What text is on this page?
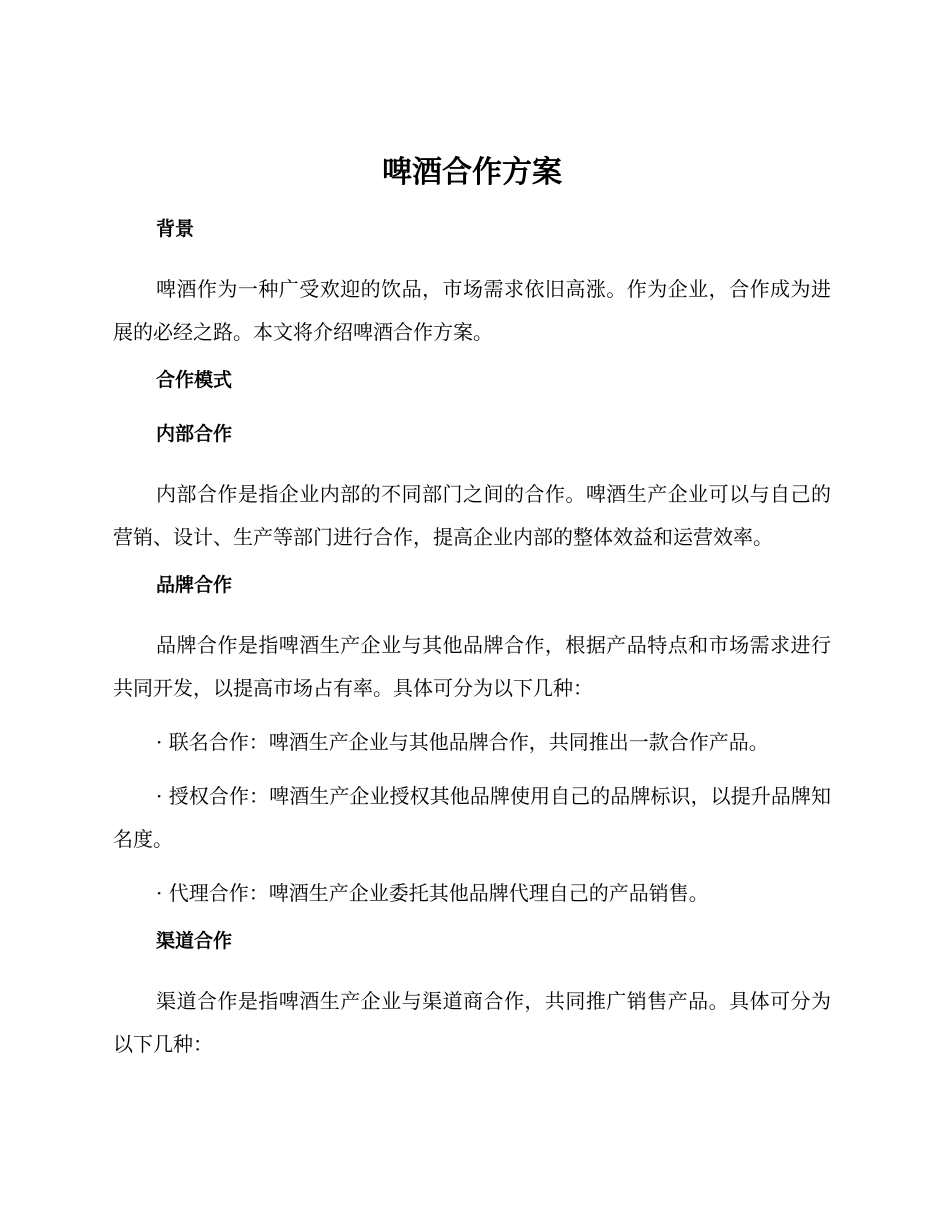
啤酒合作方案
背景

啤酒作为一种广受欢迎的饮品，市场需求依旧高涨。作为企业，合作成为进展的必经之路。本文将介绍啤酒合作方案。

合作模式
内部合作

内部合作是指企业内部的不同部门之间的合作。啤酒生产企业可以与自己的营销、设计、生产等部门进行合作，提高企业内部的整体效益和运营效率。

品牌合作

品牌合作是指啤酒生产企业与其他品牌合作，根据产品特点和市场需求进行共同开发，以提高市场占有率。具体可分为以下几种：

· 联名合作：啤酒生产企业与其他品牌合作，共同推出一款合作产品。

· 授权合作：啤酒生产企业授权其他品牌使用自己的品牌标识，以提升品牌知名度。

· 代理合作：啤酒生产企业委托其他品牌代理自己的产品销售。

渠道合作

渠道合作是指啤酒生产企业与渠道商合作，共同推广销售产品。具体可分为以下几种：
